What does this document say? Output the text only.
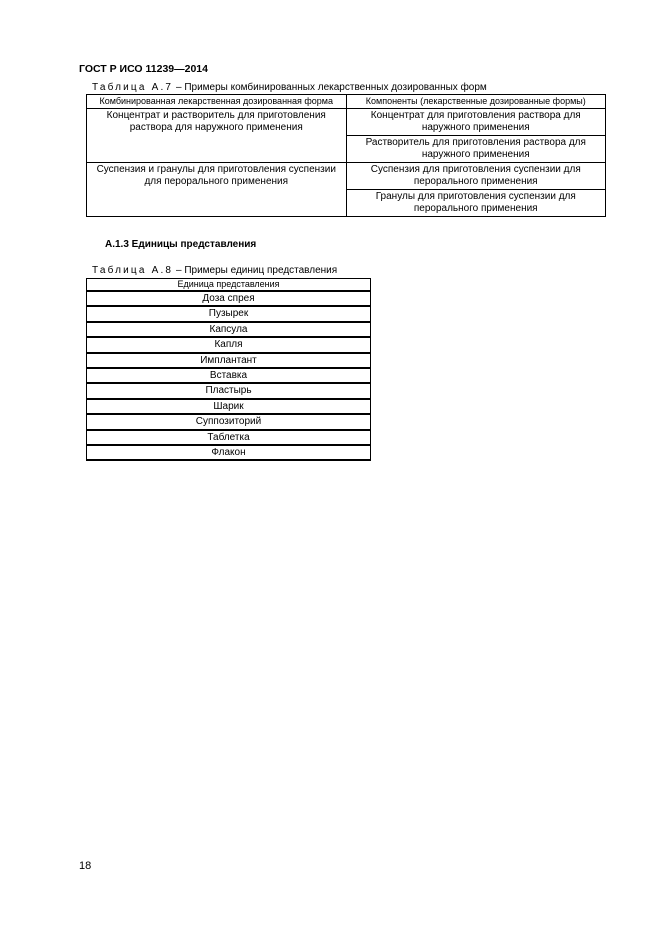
ГОСТ Р ИСО 11239—2014
Таблица А.7 – Примеры комбинированных лекарственных дозированных форм
Комбинированная лекарственная дозированная форма	Компоненты (лекарственные дозированные формы)
Концентрат и растворитель для приготовления раствора для наружного применения	Концентрат для приготовления раствора для наружного применения
	Растворитель для приготовления раствора для наружного применения
Суспензия и гранулы для приготовления суспензии для перорального применения	Суспензия для приготовления суспензии для перорального применения
	Гранулы для приготовления суспензии для перорального применения
А.1.3 Единицы представления
Таблица А.8 – Примеры единиц представления
Единица представления
Доза спрея
Пузырек
Капсула
Капля
Имплантант
Вставка
Пластырь
Шарик
Суппозиторий
Таблетка
Флакон
18
